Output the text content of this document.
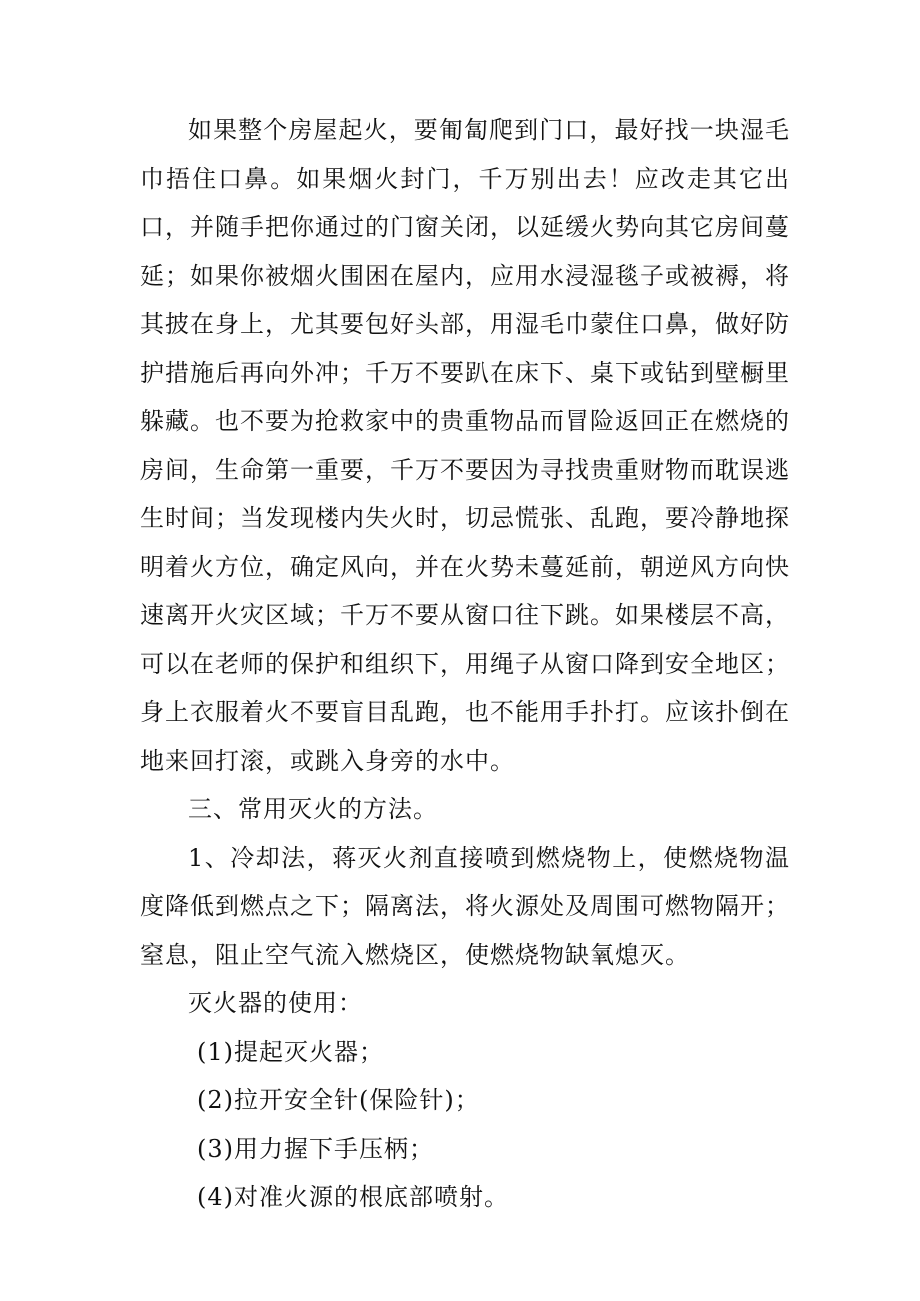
如果整个房屋起火，要匍匐爬到门口，最好找一块湿毛巾捂住口鼻。如果烟火封门，千万别出去！应改走其它出口，并随手把你通过的门窗关闭，以延缓火势向其它房间蔓延；如果你被烟火围困在屋内，应用水浸湿毯子或被褥，将其披在身上，尤其要包好头部，用湿毛巾蒙住口鼻，做好防护措施后再向外冲；千万不要趴在床下、桌下或钻到壁橱里躲藏。也不要为抢救家中的贵重物品而冒险返回正在燃烧的房间，生命第一重要，千万不要因为寻找贵重财物而耽误逃生时间；当发现楼内失火时，切忌慌张、乱跑，要冷静地探明着火方位，确定风向，并在火势未蔓延前，朝逆风方向快速离开火灾区域；千万不要从窗口往下跳。如果楼层不高，可以在老师的保护和组织下，用绳子从窗口降到安全地区；身上衣服着火不要盲目乱跑，也不能用手扑打。应该扑倒在地来回打滚，或跳入身旁的水中。

三、常用灭火的方法。

1、冷却法，蒋灭火剂直接喷到燃烧物上，使燃烧物温度降低到燃点之下；隔离法，将火源处及周围可燃物隔开；窒息，阻止空气流入燃烧区，使燃烧物缺氧熄灭。

灭火器的使用：

(1)提起灭火器；

(2)拉开安全针(保险针)；

(3)用力握下手压柄；

(4)对准火源的根底部喷射。
